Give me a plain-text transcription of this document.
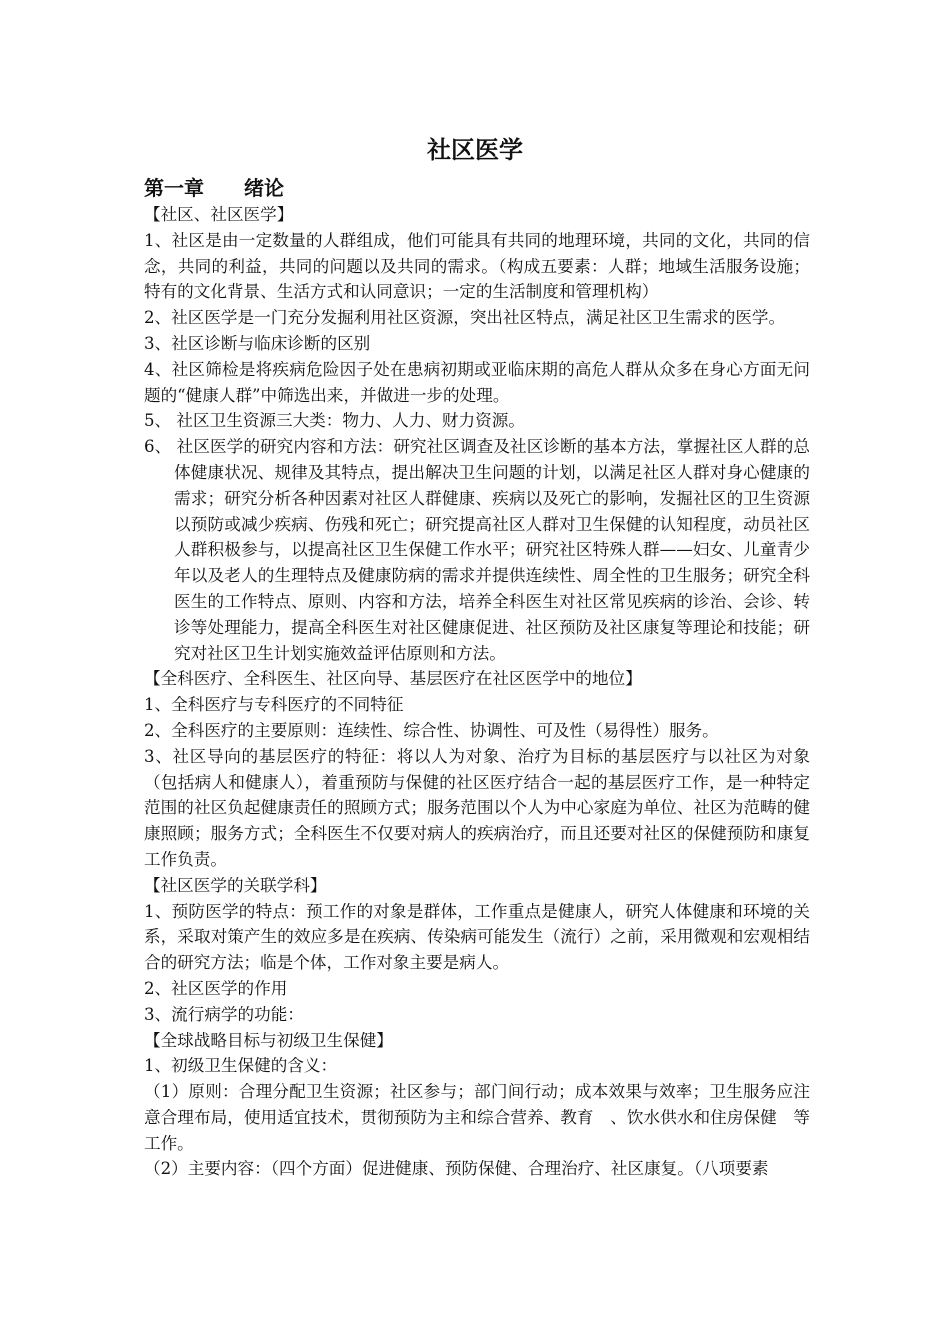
社区医学
第一章 绪论

【社区、社区医学】

1、社区是由一定数量的人群组成，他们可能具有共同的地理环境，共同的文化，共同的信念，共同的利益，共同的问题以及共同的需求。（构成五要素：人群；地域生活服务设施；特有的文化背景、生活方式和认同意识；一定的生活制度和管理机构）

2、社区医学是一门充分发掘利用社区资源，突出社区特点，满足社区卫生需求的医学。

3、社区诊断与临床诊断的区别

4、社区筛检是将疾病危险因子处在患病初期或亚临床期的高危人群从众多在身心方面无问题的“健康人群”中筛选出来，并做进一步的处理。

5、 社区卫生资源三大类：物力、人力、财力资源。

6、 社区医学的研究内容和方法：研究社区调查及社区诊断的基本方法，掌握社区人群的总体健康状况、规律及其特点，提出解决卫生问题的计划，以满足社区人群对身心健康的需求；研究分析各种因素对社区人群健康、疾病以及死亡的影响，发掘社区的卫生资源以预防或减少疾病、伤残和死亡；研究提高社区人群对卫生保健的认知程度，动员社区人群积极参与，以提高社区卫生保健工作水平；研究社区特殊人群——妇女、儿童青少年以及老人的生理特点及健康防病的需求并提供连续性、周全性的卫生服务；研究全科医生的工作特点、原则、内容和方法，培养全科医生对社区常见疾病的诊治、会诊、转诊等处理能力，提高全科医生对社区健康促进、社区预防及社区康复等理论和技能；研究对社区卫生计划实施效益评估原则和方法。

【全科医疗、全科医生、社区向导、基层医疗在社区医学中的地位】

1、全科医疗与专科医疗的不同特征

2、全科医疗的主要原则：连续性、综合性、协调性、可及性（易得性）服务。

3、社区导向的基层医疗的特征：将以人为对象、治疗为目标的基层医疗与以社区为对象（包括病人和健康人），着重预防与保健的社区医疗结合一起的基层医疗工作，是一种特定范围的社区负起健康责任的照顾方式；服务范围以个人为中心家庭为单位、社区为范畴的健康照顾；服务方式；全科医生不仅要对病人的疾病治疗，而且还要对社区的保健预防和康复工作负责。

【社区医学的关联学科】

1、预防医学的特点：预工作的对象是群体，工作重点是健康人，研究人体健康和环境的关系，采取对策产生的效应多是在疾病、传染病可能发生（流行）之前，采用微观和宏观相结合的研究方法；临是个体，工作对象主要是病人。

2、社区医学的作用

3、流行病学的功能：

【全球战略目标与初级卫生保健】

1、初级卫生保健的含义：

（1）原则：合理分配卫生资源；社区参与；部门间行动；成本效果与效率；卫生服务应注意合理布局，使用适宜技术，贯彻预防为主和综合营养、教育　、饮水供水和住房保健　等工作。

（2）主要内容：（四个方面）促进健康、预防保健、合理治疗、社区康复。（八项要素
